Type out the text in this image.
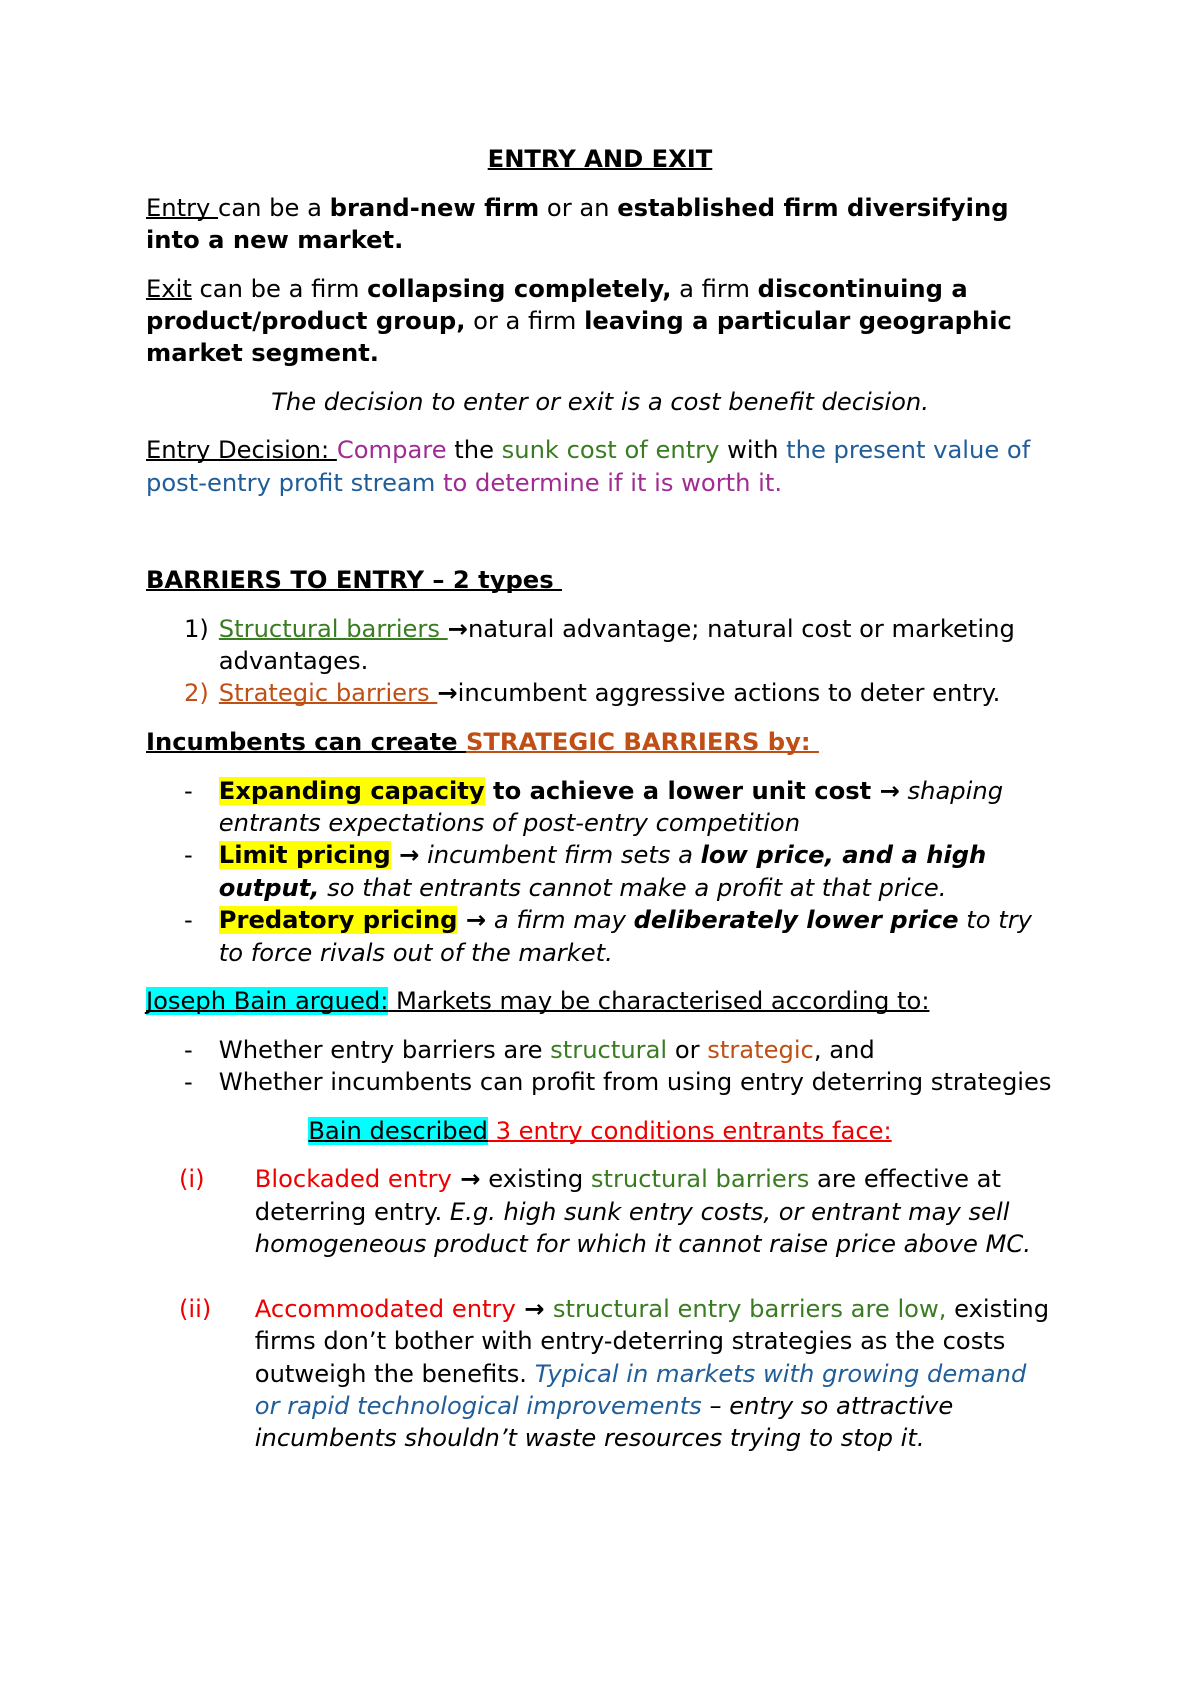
ENTRY AND EXIT
Entry can be a brand-new firm or an established firm diversifying
into a new market.
Exit can be a firm collapsing completely, a firm discontinuing a
product/product group, or a firm leaving a particular geographic
market segment.
The decision to enter or exit is a cost benefit decision.
Entry Decision: Compare the sunk cost of entry with the present value of
post-entry profit stream to determine if it is worth it.
BARRIERS TO ENTRY – 2 types
1) Structural barriers →natural advantage; natural cost or marketing
advantages.
2) Strategic barriers →incumbent aggressive actions to deter entry.
Incumbents can create STRATEGIC BARRIERS by:
- Expanding capacity to achieve a lower unit cost → shaping
entrants expectations of post-entry competition
- Limit pricing → incumbent firm sets a low price, and a high
output, so that entrants cannot make a profit at that price.
- Predatory pricing → a firm may deliberately lower price to try
to force rivals out of the market.
Joseph Bain argued: Markets may be characterised according to:
- Whether entry barriers are structural or strategic, and
- Whether incumbents can profit from using entry deterring strategies
Bain described 3 entry conditions entrants face:
(i) Blockaded entry → existing structural barriers are effective at
deterring entry. E.g. high sunk entry costs, or entrant may sell
homogeneous product for which it cannot raise price above MC.
(ii) Accommodated entry → structural entry barriers are low, existing
firms don’t bother with entry-deterring strategies as the costs
outweigh the benefits. Typical in markets with growing demand
or rapid technological improvements – entry so attractive
incumbents shouldn’t waste resources trying to stop it.
